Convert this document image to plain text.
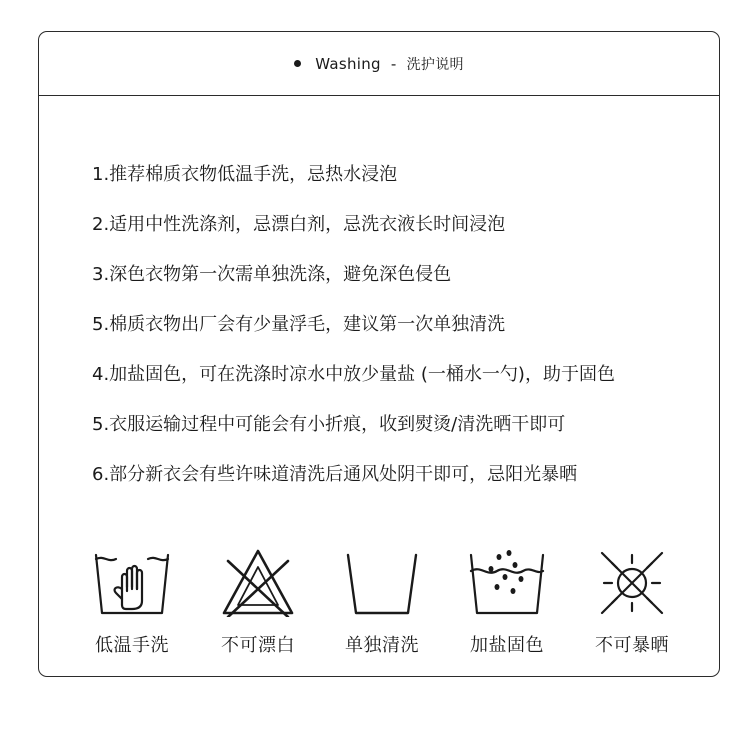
Washing - 洗护说明
1.推荐棉质衣物低温手洗，忌热水浸泡
2.适用中性洗涤剂，忌漂白剂，忌洗衣液长时间浸泡
3.深色衣物第一次需单独洗涤，避免深色侵色
5.棉质衣物出厂会有少量浮毛，建议第一次单独清洗
4.加盐固色，可在洗涤时凉水中放少量盐 (一桶水一勺)，助于固色
5.衣服运输过程中可能会有小折痕，收到熨烫/清洗晒干即可
6.部分新衣会有些许味道清洗后通风处阴干即可，忌阳光暴晒
低温手洗	不可漂白	单独清洗	加盐固色	不可暴晒
